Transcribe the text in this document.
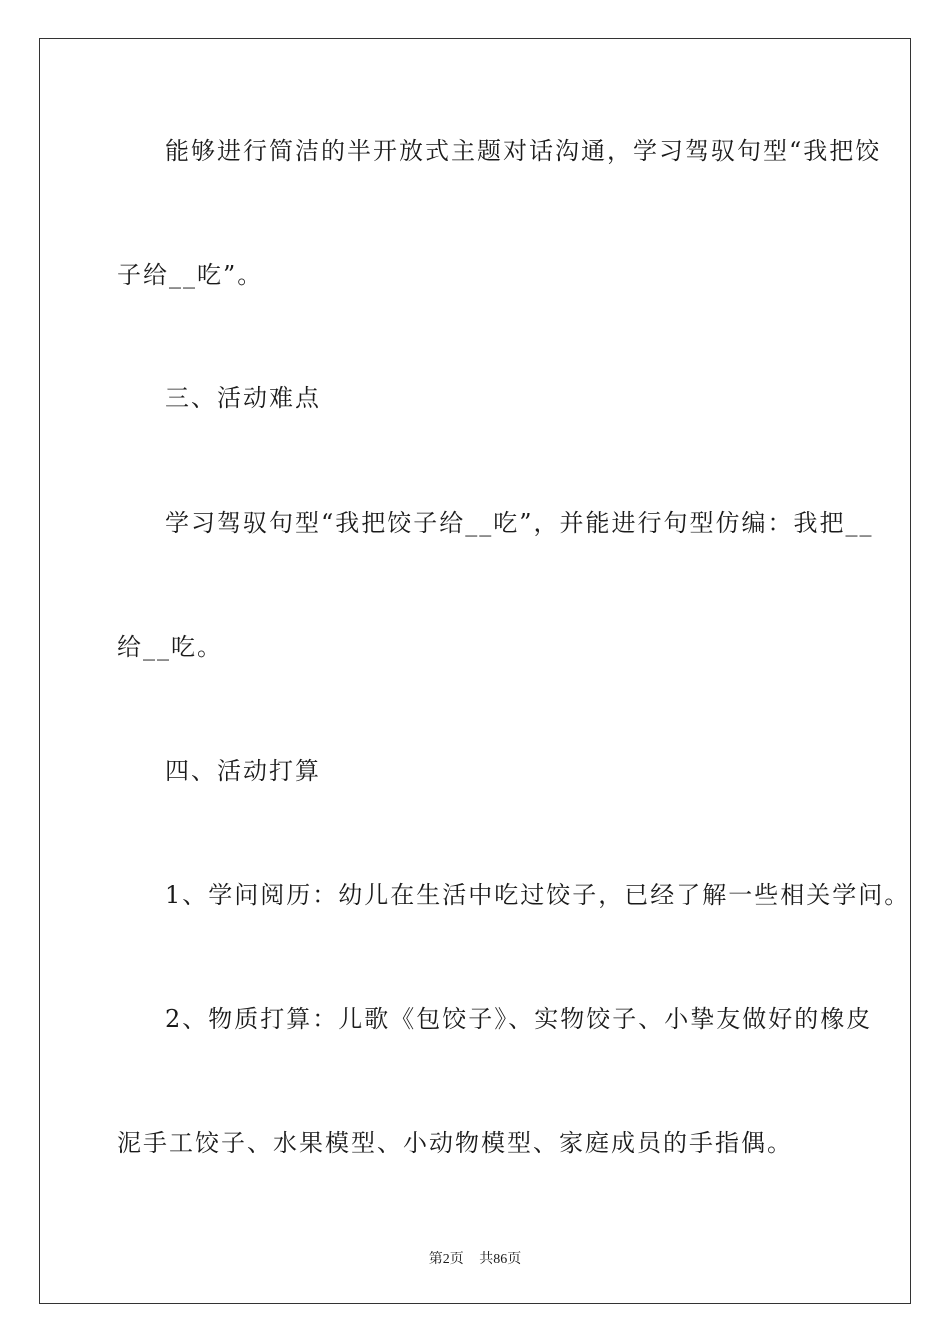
能够进行简洁的半开放式主题对话沟通，学习驾驭句型“我把饺
子给__吃”。
三、活动难点
学习驾驭句型“我把饺子给__吃”，并能进行句型仿编：我把__
给__吃。
四、活动打算
1、学问阅历：幼儿在生活中吃过饺子，已经了解一些相关学问。
2、物质打算：儿歌《包饺子》、实物饺子、小挚友做好的橡皮
泥手工饺子、水果模型、小动物模型、家庭成员的手指偶。
第2页 共86页
